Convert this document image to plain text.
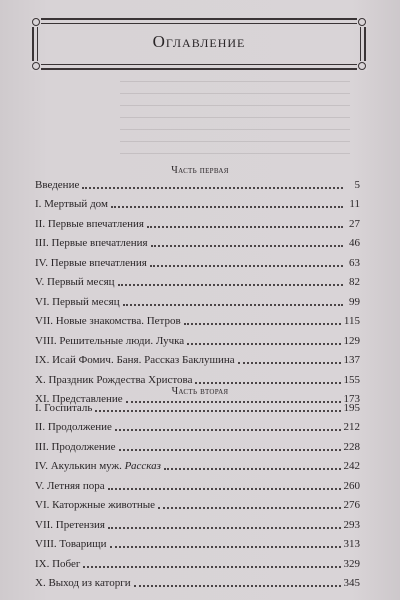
Оглавление
Часть первая
Введение	5
I. Мертвый дом	11
II. Первые впечатления	27
III. Первые впечатления	46
IV. Первые впечатления	63
V. Первый месяц	82
VI. Первый месяц	99
VII. Новые знакомства. Петров	115
VIII. Решительные люди. Лучка	129
IX. Исай Фомич. Баня. Рассказ Баклушина	137
X. Праздник Рождества Христова	155
XI. Представление	173
Часть вторая
I. Госпиталь	195
II. Продолжение	212
III. Продолжение	228
IV. Акулькин муж. Рассказ	242
V. Летняя пора	260
VI. Каторжные животные	276
VII. Претензия	293
VIII. Товарищи	313
IX. Побег	329
X. Выход из каторги	345
